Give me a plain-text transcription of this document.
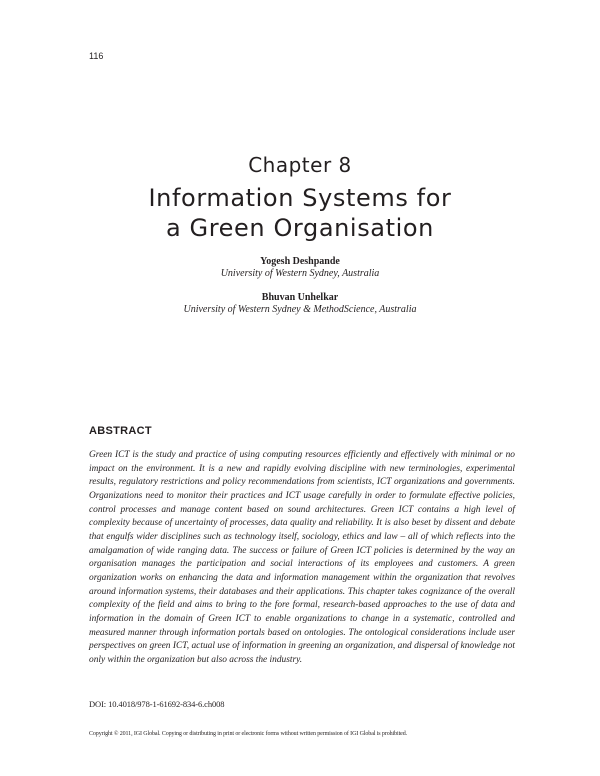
116
Chapter 8
Information Systems for
a Green Organisation
Yogesh Deshpande
University of Western Sydney, Australia
Bhuvan Unhelkar
University of Western Sydney & MethodScience, Australia
ABSTRACT

Green ICT is the study and practice of using computing resources efficiently and effectively with minimal or no impact on the environment. It is a new and rapidly evolving discipline with new terminologies, experimental results, regulatory restrictions and policy recommendations from scientists, ICT organizations and governments. Organizations need to monitor their practices and ICT usage carefully in order to formulate effective policies, control processes and manage content based on sound architectures. Green ICT contains a high level of complexity because of uncertainty of processes, data quality and reliability. It is also beset by dissent and debate that engulfs wider disciplines such as technology itself, sociology, ethics and law – all of which reflects into the amalgamation of wide ranging data. The success or failure of Green ICT policies is determined by the way an organisation manages the participation and social interactions of its employees and customers. A green organization works on enhancing the data and information management within the organization that revolves around information systems, their databases and their applications. This chapter takes cognizance of the overall complexity of the field and aims to bring to the fore formal, research-based approaches to the use of data and information in the domain of Green ICT to enable organizations to change in a systematic, controlled and measured manner through information portals based on ontologies. The ontological considerations include user perspectives on green ICT, actual use of information in greening an organization, and dispersal of knowledge not only within the organization but also across the industry.

DOI: 10.4018/978-1-61692-834-6.ch008
Copyright © 2011, IGI Global. Copying or distributing in print or electronic forms without written permission of IGI Global is prohibited.
